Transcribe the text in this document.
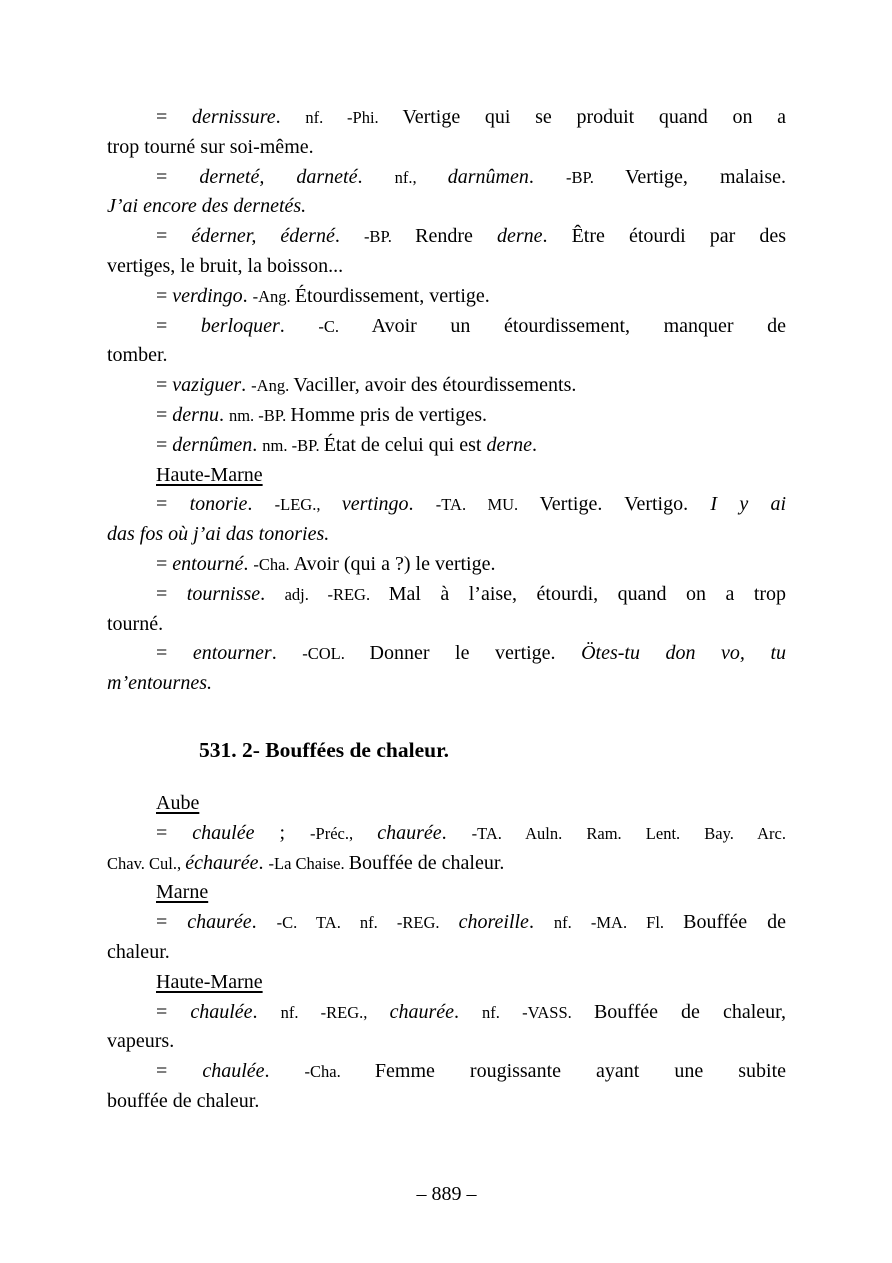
= dernissure. nf. -Phi. Vertige qui se produit quand on a
trop tourné sur soi-même.
= derneté, darneté. nf., darnûmen. -BP. Vertige, malaise.
J’ai encore des dernetés.
= éderner, éderné. -BP. Rendre derne. Être étourdi par des
vertiges, le bruit, la boisson...
= verdingo. -Ang. Étourdissement, vertige.
= berloquer. -C. Avoir un étourdissement, manquer de
tomber.
= vaziguer. -Ang. Vaciller, avoir des étourdissements.
= dernu. nm. -BP. Homme pris de vertiges.
= dernûmen. nm. -BP. État de celui qui est derne.
Haute-Marne
= tonorie. -LEG., vertingo. -TA. MU. Vertige. Vertigo. I y ai
das fos où j’ai das tonories.
= entourné. -Cha. Avoir (qui a ?) le vertige.
= tournisse. adj. -REG. Mal à l’aise, étourdi, quand on a trop
tourné.
= entourner. -COL. Donner le vertige. Ötes-tu don vo, tu
m’entournes.
531. 2- Bouffées de chaleur.
Aube
= chaulée ; -Préc., chaurée. -TA. Auln. Ram. Lent. Bay. Arc.
Chav. Cul., échaurée. -La Chaise. Bouffée de chaleur.
Marne
= chaurée. -C. TA. nf. -REG. choreille. nf. -MA. Fl. Bouffée de
chaleur.
Haute-Marne
= chaulée. nf. -REG., chaurée. nf. -VASS. Bouffée de chaleur,
vapeurs.
= chaulée. -Cha. Femme rougissante ayant une subite
bouffée de chaleur.
– 889 –
